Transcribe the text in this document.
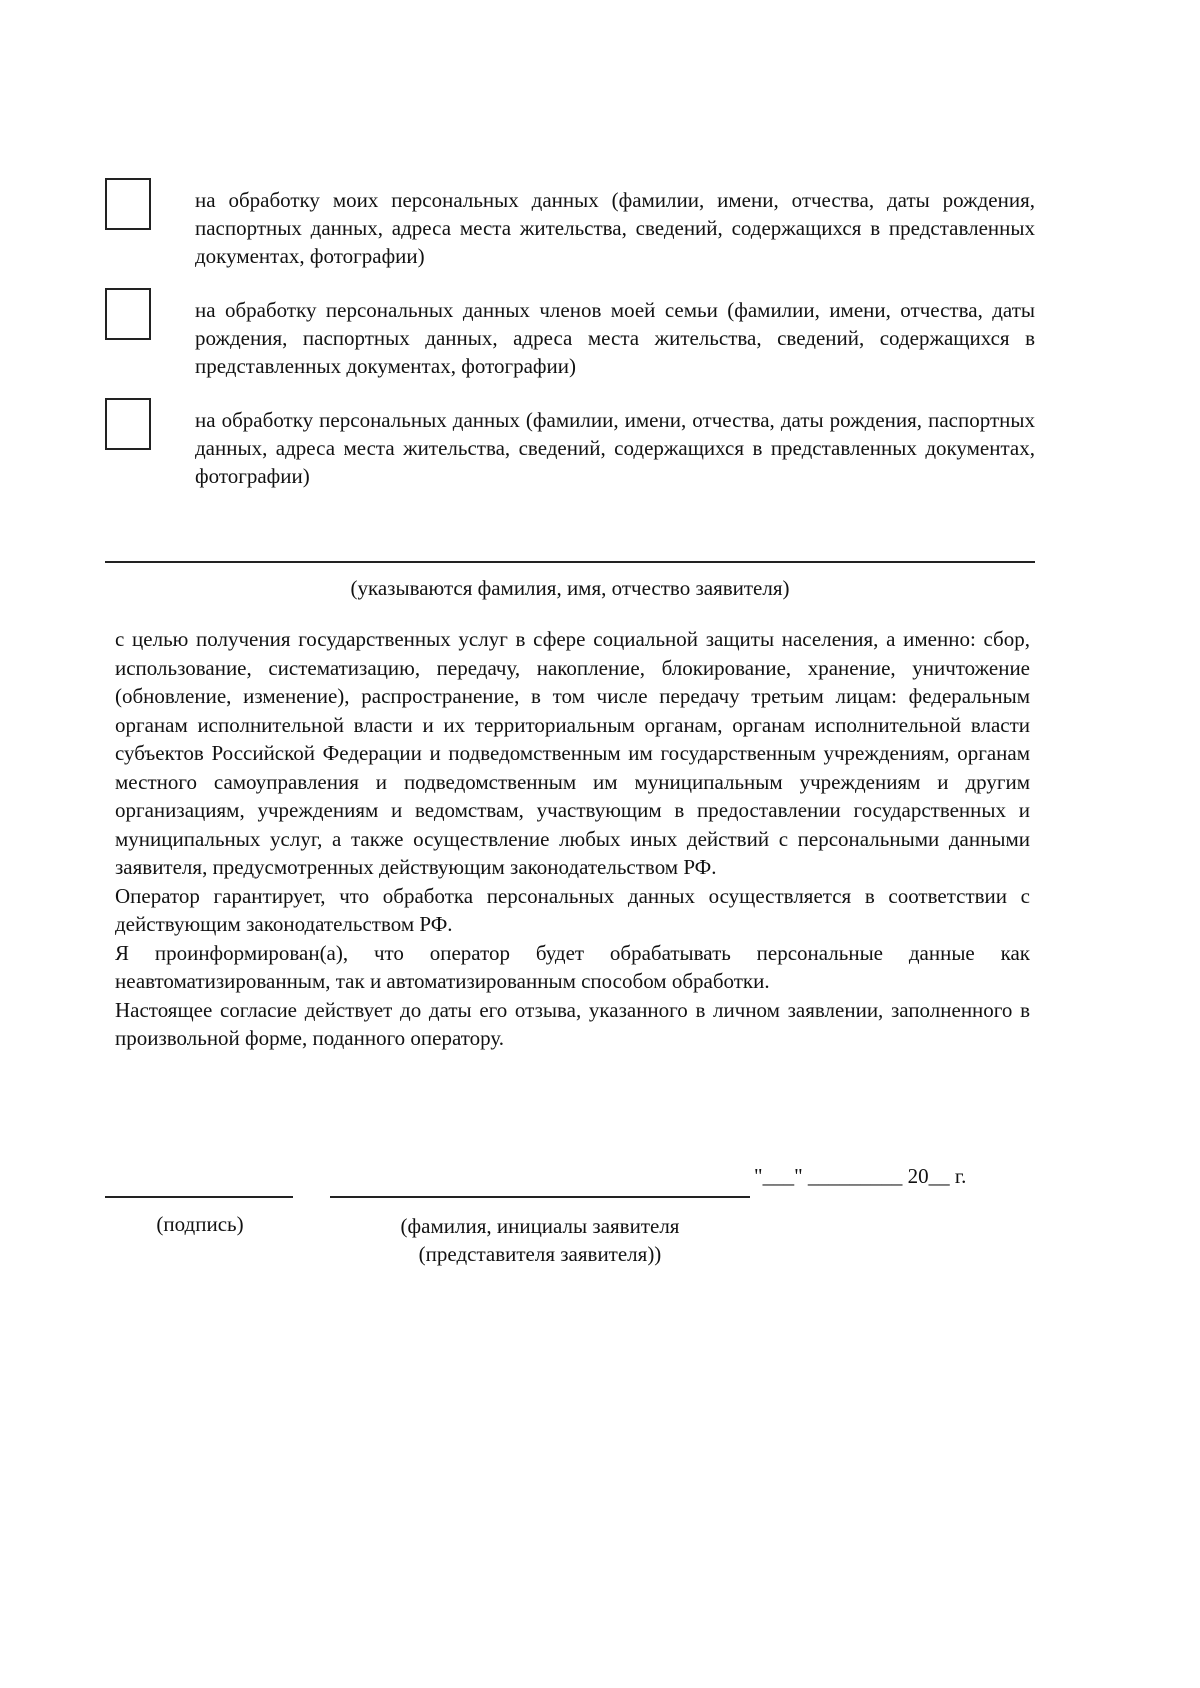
на обработку моих персональных данных (фамилии, имени, отчества, даты рождения, паспортных данных, адреса места жительства, сведений, содержащихся в представленных документах, фотографии)
на обработку персональных данных членов моей семьи (фамилии, имени, отчества, даты рождения, паспортных данных, адреса места жительства, сведений, содержащихся в представленных документах, фотографии)
на обработку персональных данных (фамилии, имени, отчества, даты рождения, паспортных данных, адреса места жительства, сведений, содержащихся в представленных документах, фотографии)
(указываются фамилия, имя, отчество заявителя)

с целью получения государственных услуг в сфере социальной защиты населения, а именно: сбор, использование, систематизацию, передачу, накопление, блокирование, хранение, уничтожение (обновление, изменение), распространение, в том числе передачу третьим лицам: федеральным органам исполнительной власти и их территориальным органам, органам исполнительной власти субъектов Российской Федерации и подведомственным им государственным учреждениям, органам местного самоуправления и подведомственным им муниципальным учреждениям и другим организациям, учреждениям и ведомствам, участвующим в предоставлении государственных и муниципальных услуг, а также осуществление любых иных действий с персональными данными заявителя, предусмотренных действующим законодательством РФ.

Оператор гарантирует, что обработка персональных данных осуществляется в соответствии с действующим законодательством РФ.

Я проинформирован(а), что оператор будет обрабатывать персональные данные как неавтоматизированным, так и автоматизированным способом обработки.

Настоящее согласие действует до даты его отзыва, указанного в личном заявлении, заполненного в произвольной форме, поданного оператору.

"___" _________ 20__ г.
(подпись)	(фамилия, инициалы заявителя
(представителя заявителя))
